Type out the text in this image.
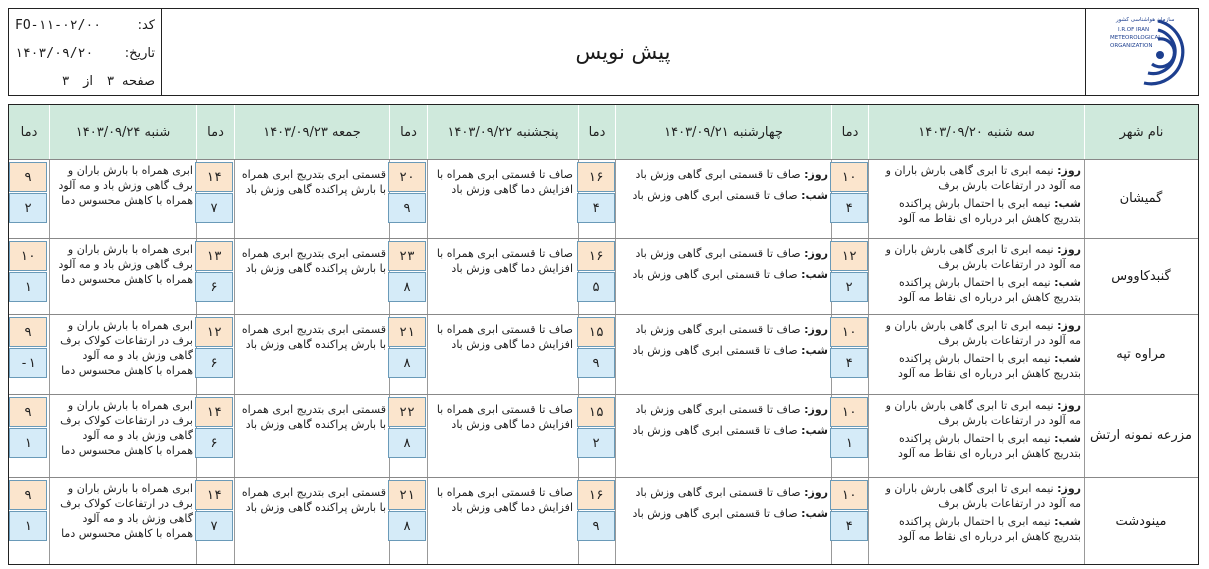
کد:
FO-۱۱-۰۲/۰۰
تاریخ:
۱۴۰۳/۰۹/۲۰
صفحه
۳
از
۳
پیش نویس
سازمان هواشناسی کشور
I.R.OF IRAN
METEOROLOGICAL
ORGANIZATION
نام شهر
سه شنبه ۱۴۰۳/۰۹/۲۰
دما
چهارشنبه ۱۴۰۳/۰۹/۲۱
دما
پنجشنبه ۱۴۰۳/۰۹/۲۲
دما
جمعه ۱۴۰۳/۰۹/۲۳
دما
شنبه ۱۴۰۳/۰۹/۲۴
دما
گمیشان
روز: نیمه ابری تا ابری گاهی بارش باران و مه آلود در ارتفاعات بارش برف
شب: نیمه ابری با احتمال بارش پراکنده بتدریج کاهش ابر درباره ای نقاط مه آلود
روز: صاف تا قسمتی ابری گاهی وزش باد
شب: صاف تا قسمتی ابری گاهی وزش باد
صاف تا قسمتی ابری همراه با افزایش دما گاهی وزش باد
قسمتی ابری بتدریج ابری همراه با بارش پراکنده گاهی وزش باد
ابری همراه با بارش باران و برف گاهی وزش باد و مه آلود همراه با کاهش محسوس دما
۱۰
۴
۱۶
۴
۲۰
۹
۱۴
۷
۹
۲
گنبدکاووس
روز: نیمه ابری تا ابری گاهی بارش باران و مه آلود در ارتفاعات بارش برف
شب: نیمه ابری با احتمال بارش پراکنده بتدریج کاهش ابر درباره ای نقاط مه آلود
روز: صاف تا قسمتی ابری گاهی وزش باد
شب: صاف تا قسمتی ابری گاهی وزش باد
صاف تا قسمتی ابری همراه با افزایش دما گاهی وزش باد
قسمتی ابری بتدریج ابری همراه با بارش پراکنده گاهی وزش باد
ابری همراه با بارش باران و برف گاهی وزش باد و مه آلود همراه با کاهش محسوس دما
۱۲
۲
۱۶
۵
۲۳
۸
۱۳
۶
۱۰
۱
مراوه تپه
روز: نیمه ابری تا ابری گاهی بارش باران و مه آلود در ارتفاعات بارش برف
شب: نیمه ابری با احتمال بارش پراکنده بتدریج کاهش ابر درباره ای نقاط مه آلود
روز: صاف تا قسمتی ابری گاهی وزش باد
شب: صاف تا قسمتی ابری گاهی وزش باد
صاف تا قسمتی ابری همراه با افزایش دما گاهی وزش باد
قسمتی ابری بتدریج ابری همراه با بارش پراکنده گاهی وزش باد
ابری همراه با بارش باران و برف در ارتفاعات کولاک برف گاهی وزش باد و مه آلود همراه با کاهش محسوس دما
۱۰
۴
۱۵
۹
۲۱
۸
۱۲
۶
۹
-۱
مزرعه نمونه ارتش
روز: نیمه ابری تا ابری گاهی بارش باران و مه آلود در ارتفاعات بارش برف
شب: نیمه ابری با احتمال بارش پراکنده بتدریج کاهش ابر درباره ای نقاط مه آلود
روز: صاف تا قسمتی ابری گاهی وزش باد
شب: صاف تا قسمتی ابری گاهی وزش باد
صاف تا قسمتی ابری همراه با افزایش دما گاهی وزش باد
قسمتی ابری بتدریج ابری همراه با بارش پراکنده گاهی وزش باد
ابری همراه با بارش باران و برف در ارتفاعات کولاک برف گاهی وزش باد و مه آلود همراه با کاهش محسوس دما
۱۰
۱
۱۵
۲
۲۲
۸
۱۴
۶
۹
۱
مینودشت
روز: نیمه ابری تا ابری گاهی بارش باران و مه آلود در ارتفاعات بارش برف
شب: نیمه ابری با احتمال بارش پراکنده بتدریج کاهش ابر درباره ای نقاط مه آلود
روز: صاف تا قسمتی ابری گاهی وزش باد
شب: صاف تا قسمتی ابری گاهی وزش باد
صاف تا قسمتی ابری همراه با افزایش دما گاهی وزش باد
قسمتی ابری بتدریج ابری همراه با بارش پراکنده گاهی وزش باد
ابری همراه با بارش باران و برف در ارتفاعات کولاک برف گاهی وزش باد و مه آلود همراه با کاهش محسوس دما
۱۰
۴
۱۶
۹
۲۱
۸
۱۴
۷
۹
۱
